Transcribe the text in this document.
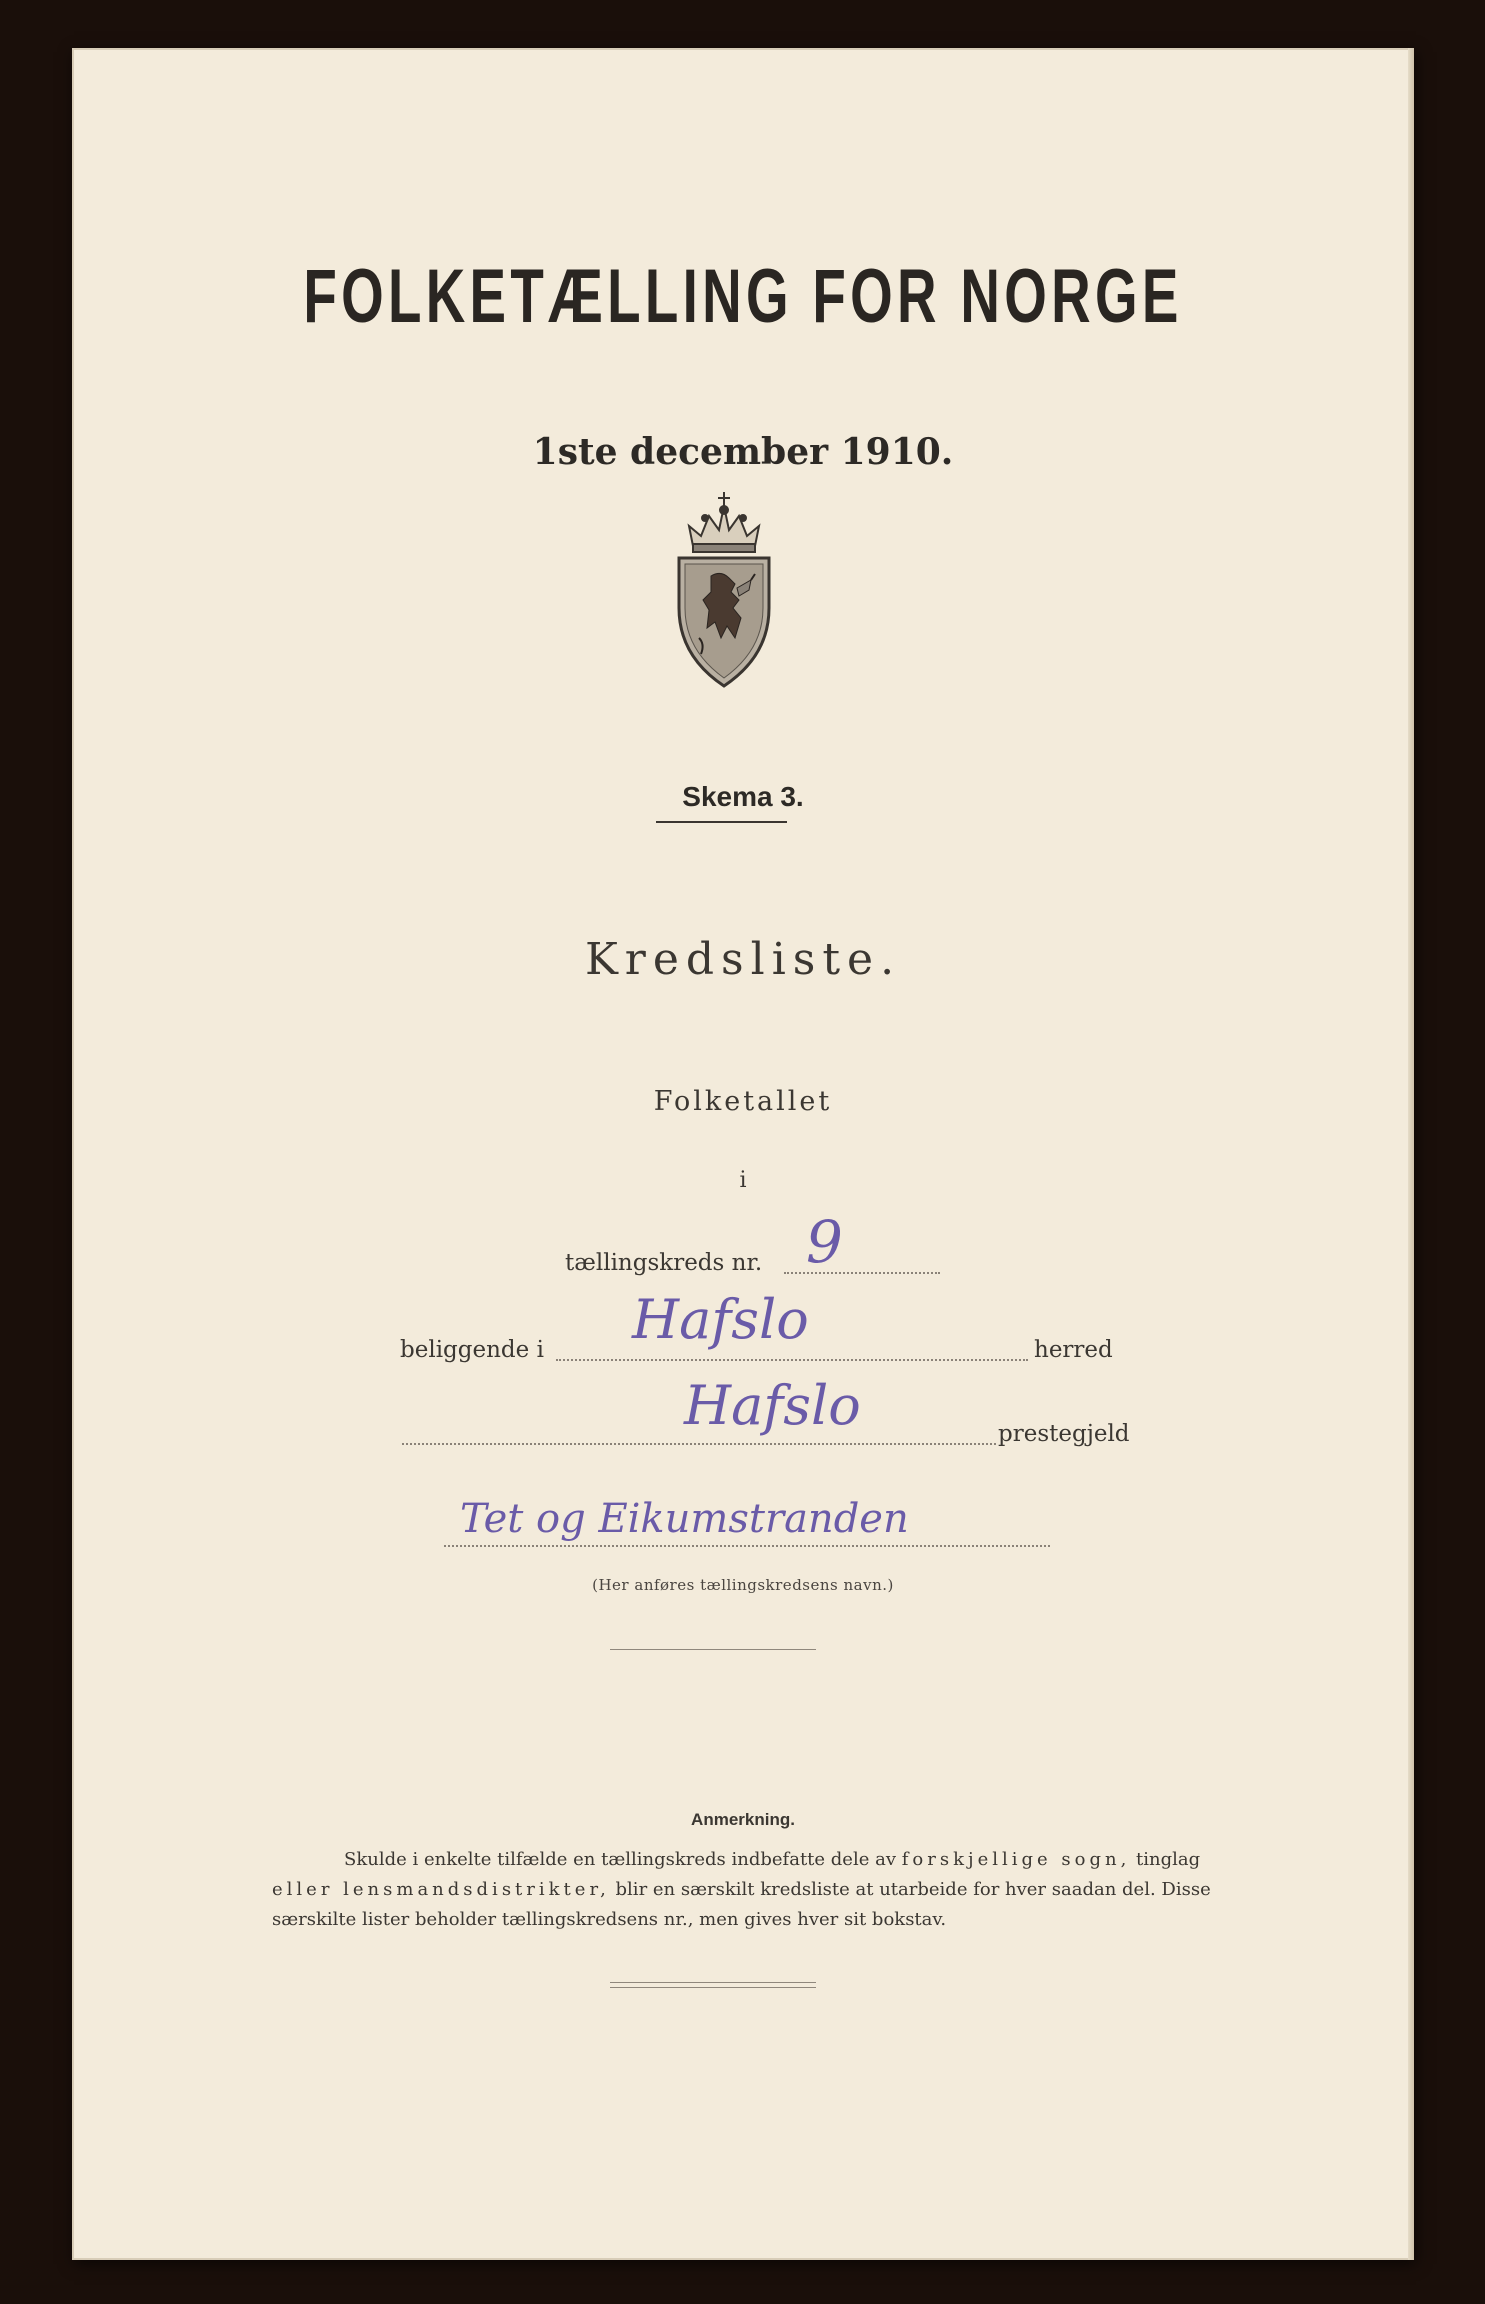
FOLKETÆLLING FOR NORGE
1ste december 1910.
Skema 3.
Kredsliste.
Folketallet
i
tællingskreds nr. 9
beliggende i Hafslo	herred
Hafslo	prestegjeld
Tet og Eikumstranden
(Her anføres tællingskredsens navn.)
Anmerkning.
Skulde i enkelte tilfælde en tællingskreds indbefatte dele av forskjellige sogn, tinglag
eller lensmandsdistrikter, blir en særskilt kredsliste at utarbeide for hver saadan del. Disse
særskilte lister beholder tællingskredsens nr., men gives hver sit bokstav.
